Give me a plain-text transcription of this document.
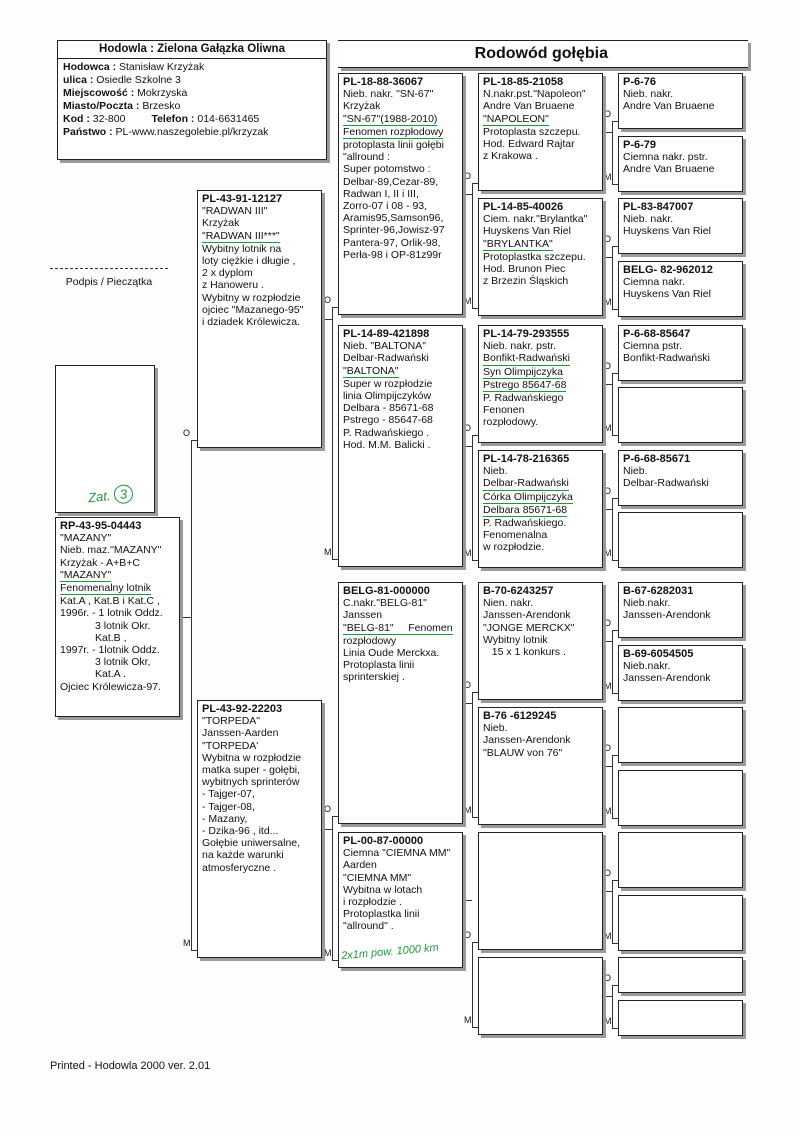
Hodowla : Zielona Gałązka Oliwna
Hodowca : Stanisław Krzyżak
ulica : Osiedle Szkolne 3
Miejscowość : Mokrzyska
Miasto/Poczta : Brzesko
Kod : 32-800 Telefon : 014-6631465
Państwo : PL-www.naszegolebie.pl/krzyzak
Rodowód gołębia
Podpis / Pieczątka
Zat. 3
O
M
O
M
O
M
O
M
O
M
O
M
O
M
O
M
O
M
O
M
O
M
O
M
O
M
O
M
O
M
RP-43-95-04443
"MAZANY"
Nieb. maz."MAZANY"
Krzyżak - A+B+C
"MAZANY"
Fenomenalny lotnik
Kat.A , Kat.B i Kat.C ,
1996r. - 1 lotnik Oddz.
3 lotnik Okr.
Kat.B ,
1997r. - 1lotnik Oddz.
3 lotnik Okr,
Kat.A .
Ojciec Królewicza-97.
PL-43-91-12127
"RADWAN III"
Krzyżak
"RADWAN III***"
Wybitny lotnik na
loty ciężkie i długie ,
2 x dyplom
z Hanoweru .
Wybitny w rozpłodzie
ojciec "Mazanego-95"
i dziadek Królewicza.
PL-43-92-22203
"TORPEDA"
Janssen-Aarden
"TORPEDA'
Wybitna w rozpłodzie
matka super - gołębi,
wybitnych sprinterów
- Tajger-07,
- Tajger-08,
- Mazany,
- Dzika-96 , itd...
Gołębie uniwersalne,
na każde warunki
atmosferyczne .
PL-18-88-36067
Nieb. nakr. "SN-67"
Krzyżak
"SN-67"(1988-2010)
Fenomen rozpłodowy
protoplasta linii gołębi
"allround :
Super potomstwo :
Delbar-89,Cezar-89,
Radwan I, II i III,
Zorro-07 i 08 - 93,
Aramis95,Samson96,
Sprinter-96,Jowisz-97
Pantera-97, Orlik-98,
Perła-98 i OP-81z99r
PL-14-89-421898
Nieb. "BALTONA"
Delbar-Radwański
"BALTONA"
Super w rozpłodzie
linia Olimpijczyków
Delbara - 85671-68
Pstrego - 85647-68
P. Radwańskiego .
Hod. M.M. Balicki .
BELG-81-000000
C.nakr."BELG-81"
Janssen
"BELG-81"     Fenomen
rozpłodowy
Linia Oude Merckxa.
Protoplasta linii
sprinterskiej .
PL-00-87-00000
Ciemna "CIEMNA MM"
Aarden
"CIEMNA MM"
Wybitna w lotach
i rozpłodzie .
Protoplastka linii
"allround" .
PL-18-85-21058
N.nakr.pst."Napoleon"
Andre Van Bruaene
"NAPOLEON"
Protoplasta szczepu.
Hod. Edward Rajtar
z Krakowa .
PL-14-85-40026
Ciem. nakr."Brylantka"
Huyskens Van Riel
"BRYLANTKA"
Protoplastka szczepu.
Hod. Brunon Piec
z Brzezin Śląskich
PL-14-79-293555
Nieb. nakr. pstr.
Bonfikt-Radwański
Syn Olimpijczyka
Pstrego 85647-68
P. Radwańskiego
Fenonen
rozpłodowy.
PL-14-78-216365
Nieb.
Delbar-Radwański
Córka Olimpijczyka
Delbara 85671-68
P. Radwańskiego.
Fenomenalna
w rozpłodzie.
B-70-6243257
Nien. nakr.
Janssen-Arendonk
"JONGE MERCKX"
Wybitny lotnik
15 x 1 konkurs .
B-76 -6129245
Nieb.
Janssen-Arendonk
"BLAUW von 76"
P-6-76
Nieb. nakr.
Andre Van Bruaene
P-6-79
Ciemna nakr. pstr.
Andre Van Bruaene
PL-83-847007
Nieb. nakr.
Huyskens Van Riel
BELG- 82-962012
Ciemna nakr.
Huyskens Van Riel
P-6-68-85647
Ciemna pstr.
Bonfikt-Radwański
P-6-68-85671
Nieb.
Delbar-Radwański
B-67-6282031
Nieb.nakr.
Janssen-Arendonk
B-69-6054505
Nieb.nakr.
Janssen-Arendonk
2x1m pow. 1000 km
Printed - Hodowla 2000 ver. 2.01
